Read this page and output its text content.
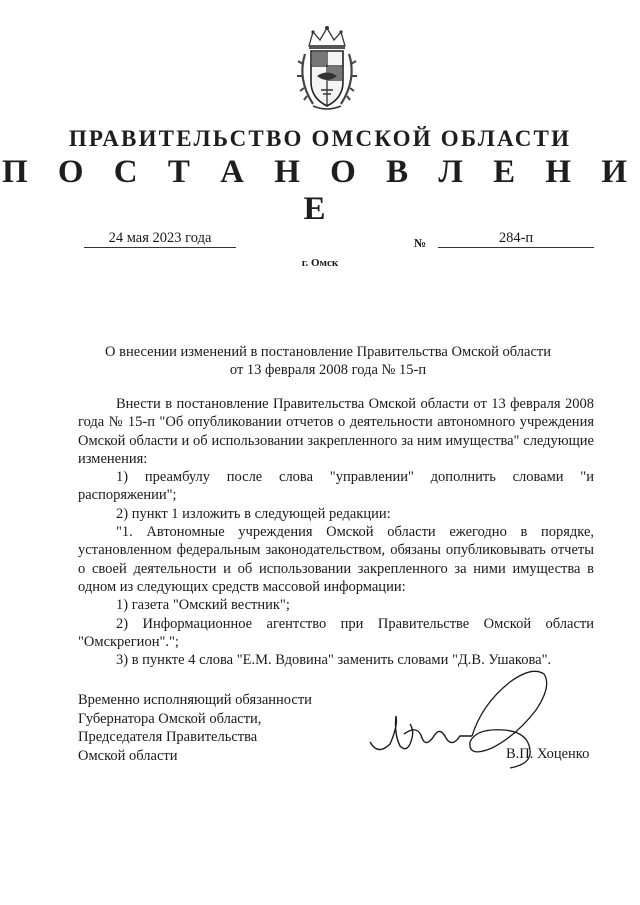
ПРАВИТЕЛЬСТВО ОМСКОЙ ОБЛАСТИ
П О С Т А Н О В Л Е Н И Е
24 мая 2023 года	№	284-п
г. Омск
О внесении изменений в постановление Правительства Омской области
от 13 февраля 2008 года № 15-п

Внести в постановление Правительства Омской области от 13 февраля 2008 года № 15-п "Об опубликовании отчетов о деятельности автономного учреждения Омской области и об использовании закрепленного за ним имущества" следующие изменения:

1) преамбулу после слова "управлении" дополнить словами "и распоряжении";

2) пункт 1 изложить в следующей редакции:

"1. Автономные учреждения Омской области ежегодно в порядке, установленном федеральным законодательством, обязаны опубликовывать отчеты о своей деятельности и об использовании закрепленного за ними имущества в одном из следующих средств массовой информации:

1) газета "Омский вестник";

2) Информационное агентство при Правительстве Омской области "Омскрегион".";

3) в пункте 4 слова "Е.М. Вдовина" заменить словами "Д.В. Ушакова".

Временно исполняющий обязанности
Губернатора Омской области,
Председателя Правительства
Омской области	В.П. Хоценко
